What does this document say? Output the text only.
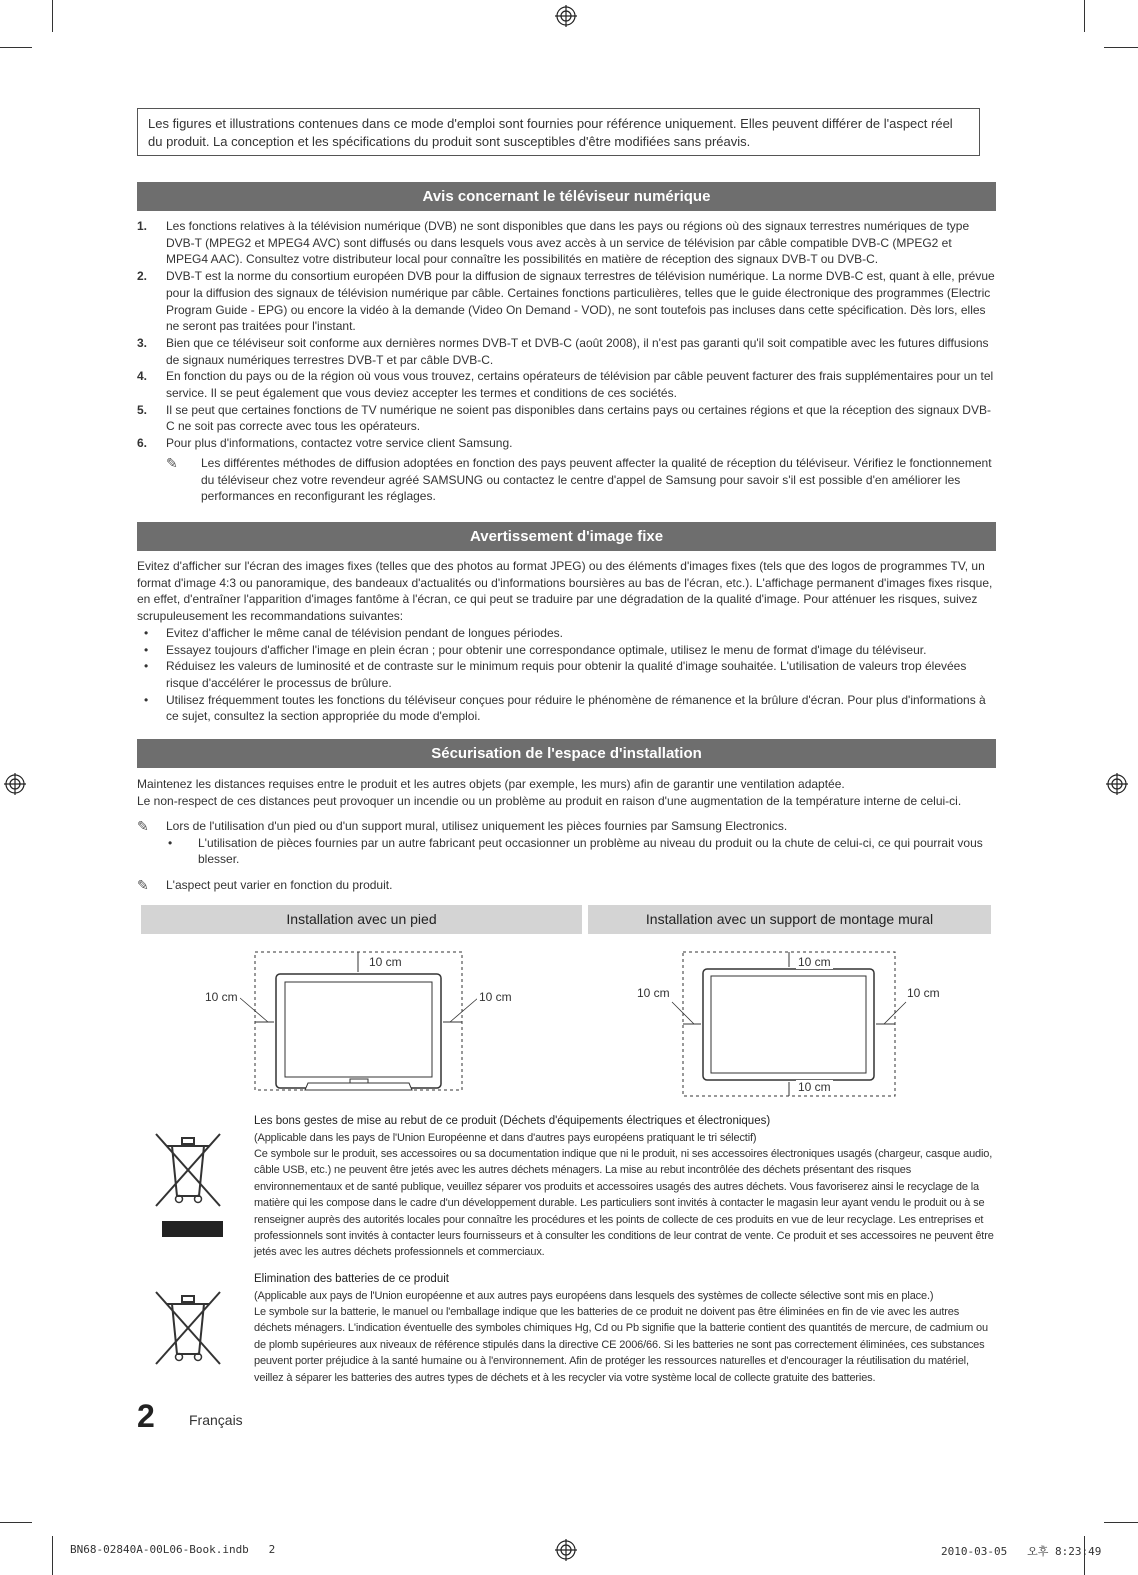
Les figures et illustrations contenues dans ce mode d'emploi sont fournies pour référence uniquement. Elles peuvent différer de l'aspect réel du produit. La conception et les spécifications du produit sont susceptibles d'être modifiées sans préavis.
Avis concernant le téléviseur numérique
1. Les fonctions relatives à la télévision numérique (DVB) ne sont disponibles que dans les pays ou régions où des signaux terrestres numériques de type DVB-T (MPEG2 et MPEG4 AVC) sont diffusés ou dans lesquels vous avez accès à un service de télévision par câble compatible DVB-C (MPEG2 et MPEG4 AAC). Consultez votre distributeur local pour connaître les possibilités en matière de réception des signaux DVB-T ou DVB-C.
2. DVB-T est la norme du consortium européen DVB pour la diffusion de signaux terrestres de télévision numérique. La norme DVB-C est, quant à elle, prévue pour la diffusion des signaux de télévision numérique par câble. Certaines fonctions particulières, telles que le guide électronique des programmes (Electric Program Guide - EPG) ou encore la vidéo à la demande (Video On Demand - VOD), ne sont toutefois pas incluses dans cette spécification. Dès lors, elles ne seront pas traitées pour l'instant.
3. Bien que ce téléviseur soit conforme aux dernières normes DVB-T et DVB-C (août 2008), il n'est pas garanti qu'il soit compatible avec les futures diffusions de signaux numériques terrestres DVB-T et par câble DVB-C.
4. En fonction du pays ou de la région où vous vous trouvez, certains opérateurs de télévision par câble peuvent facturer des frais supplémentaires pour un tel service. Il se peut également que vous deviez accepter les termes et conditions de ces sociétés.
5. Il se peut que certaines fonctions de TV numérique ne soient pas disponibles dans certains pays ou certaines régions et que la réception des signaux DVB-C ne soit pas correcte avec tous les opérateurs.
6. Pour plus d'informations, contactez votre service client Samsung.
✎ Les différentes méthodes de diffusion adoptées en fonction des pays peuvent affecter la qualité de réception du téléviseur. Vérifiez le fonctionnement du téléviseur chez votre revendeur agréé SAMSUNG ou contactez le centre d'appel de Samsung pour savoir s'il est possible d'en améliorer les performances en reconfigurant les réglages.
Avertissement d'image fixe
Evitez d'afficher sur l'écran des images fixes (telles que des photos au format JPEG) ou des éléments d'images fixes (tels que des logos de programmes TV, un format d'image 4:3 ou panoramique, des bandeaux d'actualités ou d'informations boursières au bas de l'écran, etc.). L'affichage permanent d'images fixes risque, en effet, d'entraîner l'apparition d'images fantôme à l'écran, ce qui peut se traduire par une dégradation de la qualité d'image. Pour atténuer les risques, suivez scrupuleusement les recommandations suivantes:
• Evitez d'afficher le même canal de télévision pendant de longues périodes.
• Essayez toujours d'afficher l'image en plein écran ; pour obtenir une correspondance optimale, utilisez le menu de format d'image du téléviseur.
• Réduisez les valeurs de luminosité et de contraste sur le minimum requis pour obtenir la qualité d'image souhaitée. L'utilisation de valeurs trop élevées risque d'accélérer le processus de brûlure.
• Utilisez fréquemment toutes les fonctions du téléviseur conçues pour réduire le phénomène de rémanence et la brûlure d'écran. Pour plus d'informations à ce sujet, consultez la section appropriée du mode d'emploi.
Sécurisation de l'espace d'installation
Maintenez les distances requises entre le produit et les autres objets (par exemple, les murs) afin de garantir une ventilation adaptée.
Le non-respect de ces distances peut provoquer un incendie ou un problème au produit en raison d'une augmentation de la température interne de celui-ci.
✎ Lors de l'utilisation d'un pied ou d'un support mural, utilisez uniquement les pièces fournies par Samsung Electronics.
• L'utilisation de pièces fournies par un autre fabricant peut occasionner un problème au niveau du produit ou la chute de celui-ci, ce qui pourrait vous blesser.
✎ L'aspect peut varier en fonction du produit.
Installation avec un pied	Installation avec un support de montage mural
10 cm
10 cm	10 cm
10 cm
10 cm	10 cm
10 cm
Les bons gestes de mise au rebut de ce produit (Déchets d'équipements électriques et électroniques)
(Applicable dans les pays de l'Union Européenne et dans d'autres pays européens pratiquant le tri sélectif)
Ce symbole sur le produit, ses accessoires ou sa documentation indique que ni le produit, ni ses accessoires électroniques usagés (chargeur, casque audio, câble USB, etc.) ne peuvent être jetés avec les autres déchets ménagers. La mise au rebut incontrôlée des déchets présentant des risques environnementaux et de santé publique, veuillez séparer vos produits et accessoires usagés des autres déchets. Vous favoriserez ainsi le recyclage de la matière qui les compose dans le cadre d'un développement durable. Les particuliers sont invités à contacter le magasin leur ayant vendu le produit ou à se renseigner auprès des autorités locales pour connaître les procédures et les points de collecte de ces produits en vue de leur recyclage. Les entreprises et professionnels sont invités à contacter leurs fournisseurs et à consulter les conditions de leur contrat de vente. Ce produit et ses accessoires ne peuvent être jetés avec les autres déchets professionnels et commerciaux.
Elimination des batteries de ce produit
(Applicable aux pays de l'Union européenne et aux autres pays européens dans lesquels des systèmes de collecte sélective sont mis en place.)
Le symbole sur la batterie, le manuel ou l'emballage indique que les batteries de ce produit ne doivent pas être éliminées en fin de vie avec les autres déchets ménagers. L'indication éventuelle des symboles chimiques Hg, Cd ou Pb signifie que la batterie contient des quantités de mercure, de cadmium ou de plomb supérieures aux niveaux de référence stipulés dans la directive CE 2006/66. Si les batteries ne sont pas correctement éliminées, ces substances peuvent porter préjudice à la santé humaine ou à l'environnement. Afin de protéger les ressources naturelles et d'encourager la réutilisation du matériel, veillez à séparer les batteries des autres types de déchets et à les recycler via votre système local de collecte gratuite des batteries.
2 Français
BN68-02840A-00L06-Book.indb   2	2010-03-05   오후 8:23:49
